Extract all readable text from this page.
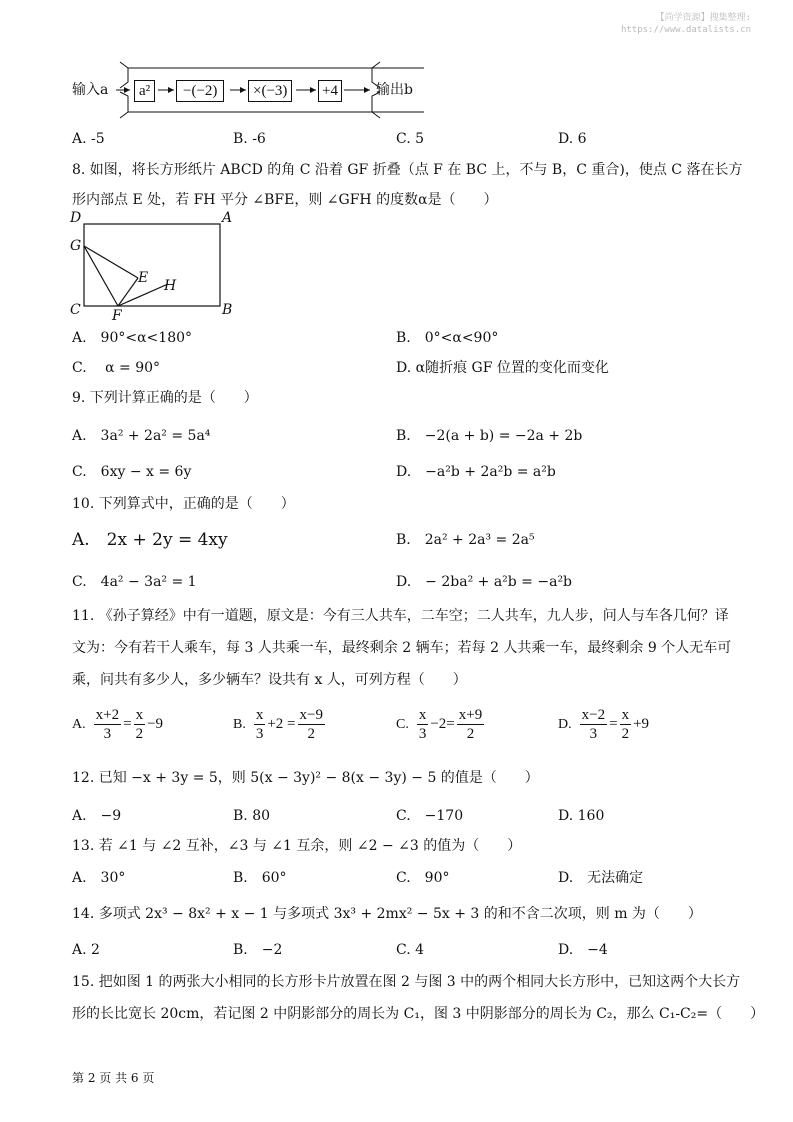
【尚学资源】搜集整理:
https://www.datalists.cn
输入a	a²	−(−2)	×(−3)	+4	输出b
A. -5	B. -6	C. 5	D. 6
8. 如图，将长方形纸片 ABCD 的角 C 沿着 GF 折叠（点 F 在 BC 上，不与 B，C 重合)，使点 C 落在长方
形内部点 E 处，若 FH 平分 ∠BFE，则 ∠GFH 的度数α是（　　）
D	A
G
E H
C F	B
A.　90°<α<180°	B.　0°<α<90°
C.　 α = 90°	D. α随折痕 GF 位置的变化而变化
9. 下列计算正确的是（　　）
A.　3a² + 2a² = 5a⁴	B.　−2(a + b) = −2a + 2b
C.　6xy − x = 6y	D.　−a²b + 2a²b = a²b
10. 下列算式中，正确的是（　　）
A.　2x + 2y = 4xy	B.　2a² + 2a³ = 2a⁵
C.　4a² − 3a² = 1	D.　− 2ba² + a²b = −a²b
11. 《孙子算经》中有一道题，原文是：今有三人共车，二车空；二人共车，九人步，问人与车各几何？译
文为：今有若干人乘车，每 3 人共乘一车，最终剩余 2 辆车；若每 2 人共乘一车，最终剩余 9 个人无车可
乘，问共有多少人，多少辆车？设共有 x 人，可列方程（　　）
A. $\frac{x+2}{3} = \frac{x}{2} -9$	B. $\frac{x}{3} +2 = \frac{x-9}{2}$	C. $\frac{x}{3} -2= \frac{x+9}{2}$	D. $\frac{x-2}{3} = \frac{x}{2} +9$
12. 已知 −x + 3y = 5，则 5(x − 3y)² − 8(x − 3y) − 5 的值是（　　）
A.　−9	B. 80	C.　−170	D. 160
13. 若 ∠1 与 ∠2 互补，∠3 与 ∠1 互余，则 ∠2 − ∠3 的值为（　　）
A.　30°	B.　60°	C.　90°	D.　无法确定
14. 多项式 2x³ − 8x² + x − 1 与多项式 3x³ + 2mx² − 5x + 3 的和不含二次项，则 m 为（　　）
A. 2	B.　−2	C. 4	D.　−4
15. 把如图 1 的两张大小相同的长方形卡片放置在图 2 与图 3 中的两个相同大长方形中，已知这两个大长方
形的长比宽长 20cm，若记图 2 中阴影部分的周长为 C₁，图 3 中阴影部分的周长为 C₂，那么 C₁-C₂=（　　）
第 2 页 共 6 页
